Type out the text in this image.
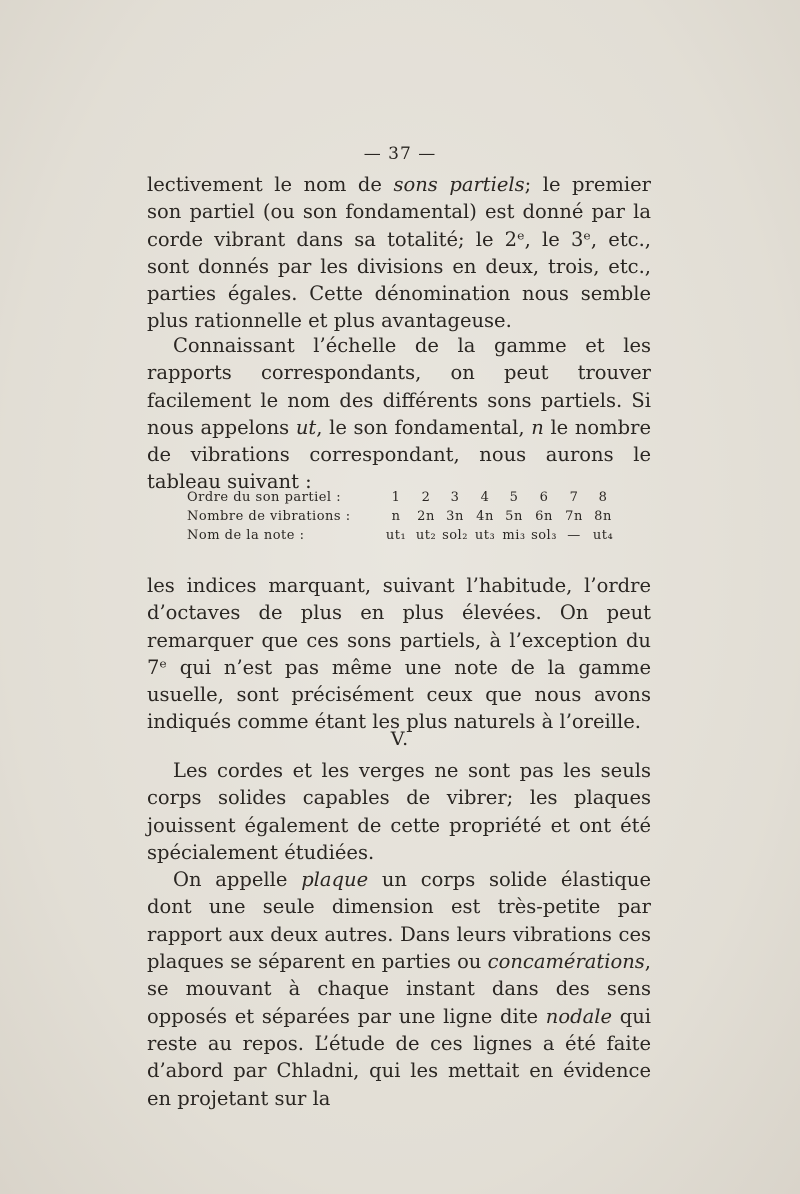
— 37 —

lectivement le nom de sons partiels; le premier son partiel (ou son fondamental) est donné par la corde vibrant dans sa totalité; le 2ᵉ, le 3ᵉ, etc., sont donnés par les divisions en deux, trois, etc., parties égales. Cette dénomination nous semble plus rationnelle et plus avantageuse.

Connaissant l’échelle de la gamme et les rapports correspondants, on peut trouver facilement le nom des différents sons partiels. Si nous appelons ut, le son fondamental, n le nombre de vibrations correspondant, nous aurons le tableau suivant :

Ordre du son partiel :	1	2	3	4	5	6	7	8
Nombre de vibrations :	n	2n 3n 4n 5n 6n 7n 8n
Nom de la note :	ut₁ ut₂ sol₂ ut₃ mi₃ sol₃ — ut₄

les indices marquant, suivant l’habitude, l’ordre d’octaves de plus en plus élevées. On peut remarquer que ces sons partiels, à l’exception du 7ᵉ qui n’est pas même une note de la gamme usuelle, sont précisément ceux que nous avons indiqués comme étant les plus naturels à l’oreille.

V.

Les cordes et les verges ne sont pas les seuls corps solides capables de vibrer; les plaques jouissent également de cette propriété et ont été spécialement étudiées.

On appelle plaque un corps solide élastique dont une seule dimension est très-petite par rapport aux deux autres. Dans leurs vibrations ces plaques se séparent en parties ou concamérations, se mouvant à chaque instant dans des sens opposés et séparées par une ligne dite nodale qui reste au repos. L’étude de ces lignes a été faite d’abord par Chladni, qui les mettait en évidence en projetant sur la
